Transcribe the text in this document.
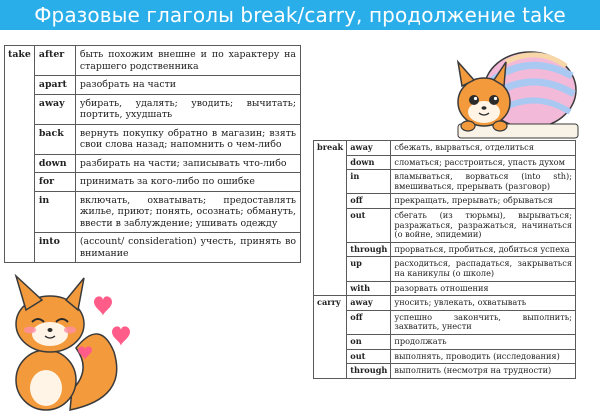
Фразовые глаголы break/carry, продолжение take
take	after	быть похожим внешне и по характеру на старшего родственника
	apart	разобрать на части
	away	убирать, удалять; уводить; вычитать; портить, ухудшать
	back	вернуть покупку обратно в магазин; взять свои слова назад; напомнить о чем-либо
	down	разбирать на части; записывать что-либо
	for	принимать за кого-либо по ошибке
	in	включать, охватывать; предоставлять жилье, приют; понять, осознать; обмануть, ввести в заблуждение; ушивать одежду
	into	(account/ consideration) учесть, принять во внимание
break	away	сбежать, вырваться, отделиться
	down	сломаться; расстроиться, упасть духом
	in	вламываться, ворваться (into sth); вмешиваться, прерывать (разговор)
	off	прекращать, прерывать; обрываться
	out	сбегать (из тюрьмы), вырываться; разражаться, разражаться, начинаться (о войне, эпидемии)
	through	прорваться, пробиться, добиться успеха
	up	расходиться, распадаться, закрываться на каникулы (о школе)
	with	разорвать отношения
carry	away	уносить; увлекать, охватывать
	off	успешно закончить, выполнить; захватить, унести
	on	продолжать
	out	выполнять, проводить (исследования)
	through	выполнить (несмотря на трудности)
